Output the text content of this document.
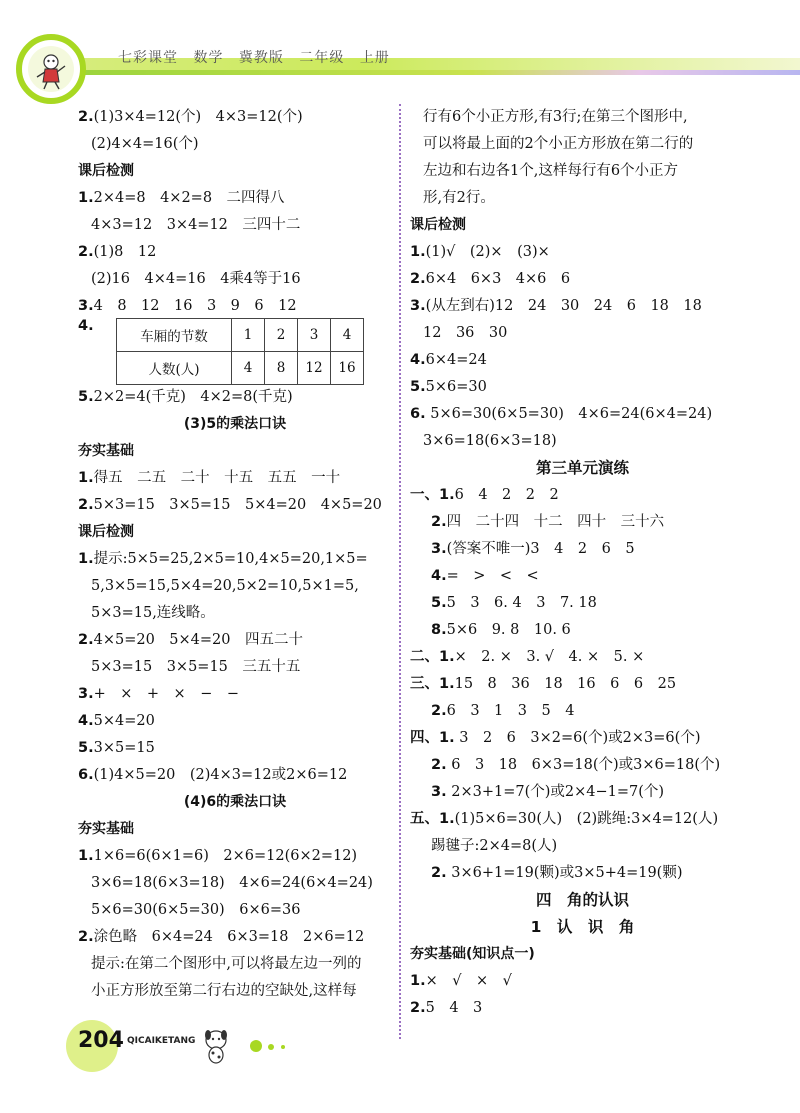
七彩课堂 数学 冀教版 二年级 上册
2.(1)3×4=12(个)　4×3=12(个)
(2)4×4=16(个)
课后检测
1.2×4=8　4×2=8　二四得八
4×3=12　3×4=12　三四十二
2.(1)8　12
(2)16　4×4=16　4乘4等于16
3.4　8　12　16　3　9　6　12
4.
车厢的节数	1	2	3	4
人数(人)	4	8	12	16
5.2×2=4(千克)　4×2=8(千克)
(3)5的乘法口诀
夯实基础
1.得五　二五　二十　十五　五五　一十
2.5×3=15　3×5=15　5×4=20　4×5=20
课后检测
1.提示:5×5=25,2×5=10,4×5=20,1×5=
5,3×5=15,5×4=20,5×2=10,5×1=5,
5×3=15,连线略。
2.4×5=20　5×4=20　四五二十
5×3=15　3×5=15　三五十五
3.+　×　+　×　−　−
4.5×4=20
5.3×5=15
6.(1)4×5=20　(2)4×3=12或2×6=12
(4)6的乘法口诀
夯实基础
1.1×6=6(6×1=6)　2×6=12(6×2=12)
3×6=18(6×3=18)　4×6=24(6×4=24)
5×6=30(6×5=30)　6×6=36
2.涂色略　6×4=24　6×3=18　2×6=12
提示:在第二个图形中,可以将最左边一列的
小正方形放至第二行右边的空缺处,这样每
行有6个小正方形,有3行;在第三个图形中,
可以将最上面的2个小正方形放在第二行的
左边和右边各1个,这样每行有6个小正方
形,有2行。
课后检测
1.(1)√　(2)×　(3)×
2.6×4　6×3　4×6　6
3.(从左到右)12　24　30　24　6　18　18
12　36　30
4.6×4=24
5.5×6=30
6. 5×6=30(6×5=30)　4×6=24(6×4=24)
3×6=18(6×3=18)
第三单元演练
一、1.6　4　2　2　2
2.四　二十四　十二　四十　三十六
3.(答案不唯一)3　4　2　6　5
4.=　>　<　<
5.5　3　6. 4　3　7. 18
8.5×6　9. 8　10. 6
二、1.×　2. ×　3. √　4. ×　5. ×
三、1.15　8　36　18　16　6　6　25
2.6　3　1　3　5　4
四、1. 3　2　6　3×2=6(个)或2×3=6(个)
2. 6　3　18　6×3=18(个)或3×6=18(个)
3. 2×3+1=7(个)或2×4−1=7(个)
五、1.(1)5×6=30(人)　(2)跳绳:3×4=12(人)
踢毽子:2×4=8(人)
2. 3×6+1=19(颗)或3×5+4=19(颗)
四　角的认识
1　认　识　角
夯实基础(知识点一)
1.×　√　×　√
2.5　4　3
204 QICAIKETANG
